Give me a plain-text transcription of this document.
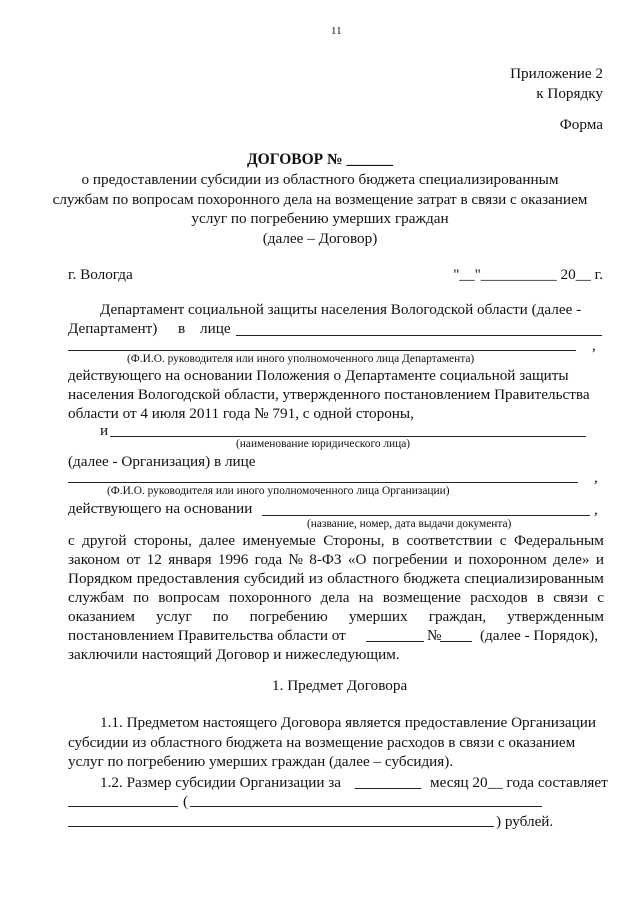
11
Приложение 2
к Порядку
Форма
ДОГОВОР № ______
о предоставлении субсидии из областного бюджета специализированным
службам по вопросам похоронного дела на возмещение затрат в связи с оказанием
услуг по погребению умерших граждан
(далее – Договор)
г. Вологда	"__"__________ 20__ г.
Департамент социальной защиты населения Вологодской области (далее -
Департамент) в лице
,
(Ф.И.О. руководителя или иного уполномоченного лица Департамента)
действующего на основании Положения о Департаменте социальной защиты
населения Вологодской области, утвержденного постановлением Правительства
области от 4 июля 2011 года № 791, с одной стороны,
и
(наименование юридического лица)
(далее - Организация) в лице
,
(Ф.И.О. руководителя или иного уполномоченного лица Организации)
действующего на основании	,
(название, номер, дата выдачи документа)
с другой стороны, далее именуемые Стороны, в соответствии с Федеральным
законом от 12 января 1996 года № 8-ФЗ «О погребении и похоронном деле» и
Порядком предоставления субсидий из областного бюджета специализированным
службам по вопросам похоронного дела на возмещение расходов в связи с
оказанием услуг по погребению умерших граждан, утвержденным
постановлением Правительства области от	№	(далее - Порядок),
заключили настоящий Договор и нижеследующим.
1. Предмет Договора
1.1. Предметом настоящего Договора является предоставление Организации
субсидии из областного бюджета на возмещение расходов в связи с оказанием
услуг по погребению умерших граждан (далее – субсидия).
1.2. Размер субсидии Организации за	месяц 20__ года составляет
(
) рублей.
